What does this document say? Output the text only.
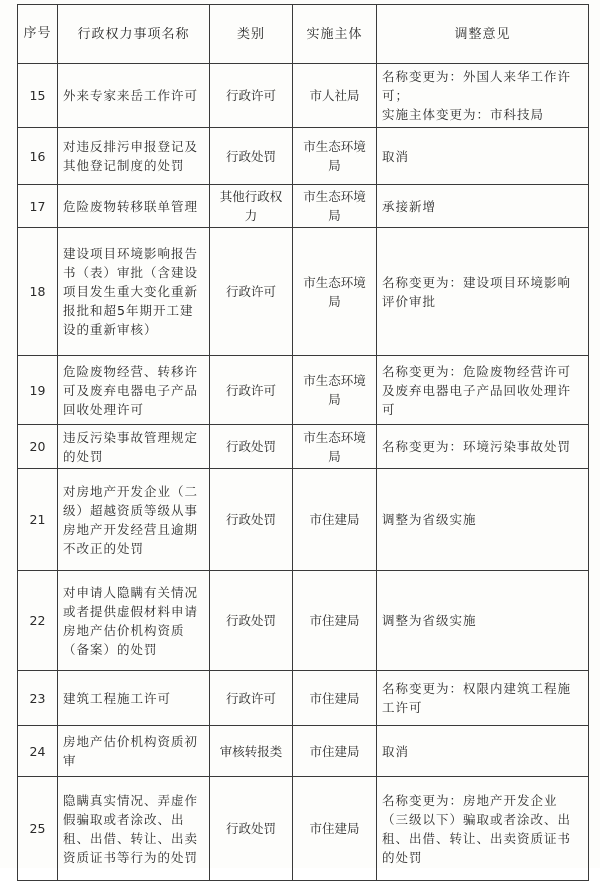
序号	行政权力事项名称	类别	实施主体	调整意见
15	外来专家来岳工作许可	行政许可	市人社局	名称变更为：外国人来华工作许可；
实施主体变更为：市科技局
16	对违反排污申报登记及其他登记制度的处罚	行政处罚	市生态环境局	取消
17	危险废物转移联单管理	其他行政权力	市生态环境局	承接新增
18	建设项目环境影响报告书（表）审批（含建设项目发生重大变化重新报批和超5年期开工建设的重新审核）	行政许可	市生态环境局	名称变更为：建设项目环境影响评价审批
19	危险废物经营、转移许可及废弃电器电子产品回收处理许可	行政许可	市生态环境局	名称变更为：危险废物经营许可及废弃电器电子产品回收处理许可
20	违反污染事故管理规定的处罚	行政处罚	市生态环境局	名称变更为：环境污染事故处罚
21	对房地产开发企业（二级）超越资质等级从事房地产开发经营且逾期不改正的处罚	行政处罚	市住建局	调整为省级实施
22	对申请人隐瞒有关情况或者提供虚假材料申请房地产估价机构资质（备案）的处罚	行政处罚	市住建局	调整为省级实施
23	建筑工程施工许可	行政许可	市住建局	名称变更为：权限内建筑工程施工许可
24	房地产估价机构资质初审	审核转报类	市住建局	取消
25	隐瞒真实情况、弄虚作假骗取或者涂改、出租、出借、转让、出卖资质证书等行为的处罚	行政处罚	市住建局	名称变更为：房地产开发企业（三级以下）骗取或者涂改、出租、出借、转让、出卖资质证书的处罚
